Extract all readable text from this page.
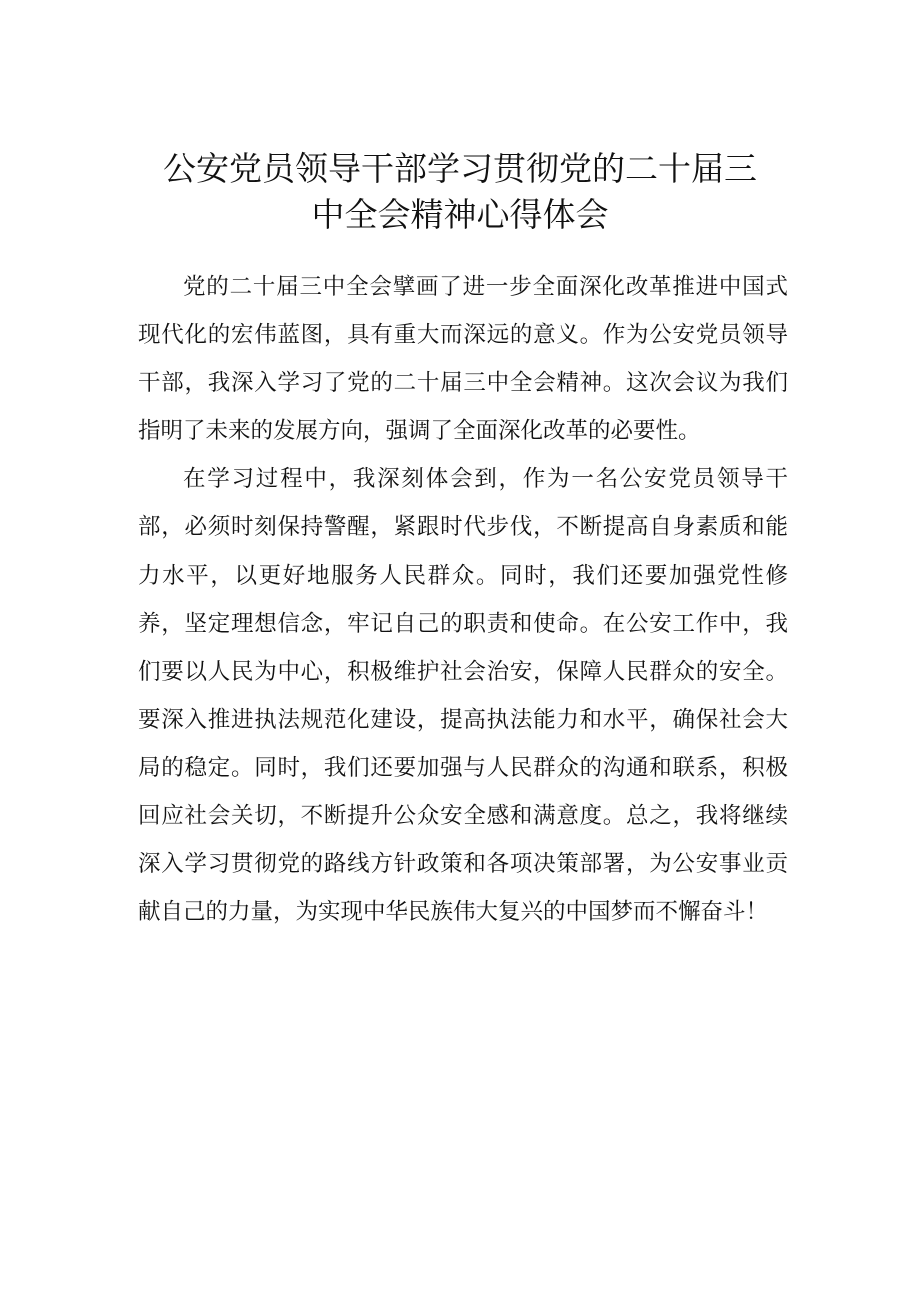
公安党员领导干部学习贯彻党的二十届三
中全会精神心得体会

党的二十届三中全会擘画了进一步全面深化改革推进中国式现代化的宏伟蓝图，具有重大而深远的意义。作为公安党员领导干部，我深入学习了党的二十届三中全会精神。这次会议为我们指明了未来的发展方向，强调了全面深化改革的必要性。

在学习过程中，我深刻体会到，作为一名公安党员领导干部，必须时刻保持警醒，紧跟时代步伐，不断提高自身素质和能力水平，以更好地服务人民群众。同时，我们还要加强党性修养，坚定理想信念，牢记自己的职责和使命。在公安工作中，我们要以人民为中心，积极维护社会治安，保障人民群众的安全。要深入推进执法规范化建设，提高执法能力和水平，确保社会大局的稳定。同时，我们还要加强与人民群众的沟通和联系，积极回应社会关切，不断提升公众安全感和满意度。总之，我将继续深入学习贯彻党的路线方针政策和各项决策部署，为公安事业贡献自己的力量，为实现中华民族伟大复兴的中国梦而不懈奋斗！
